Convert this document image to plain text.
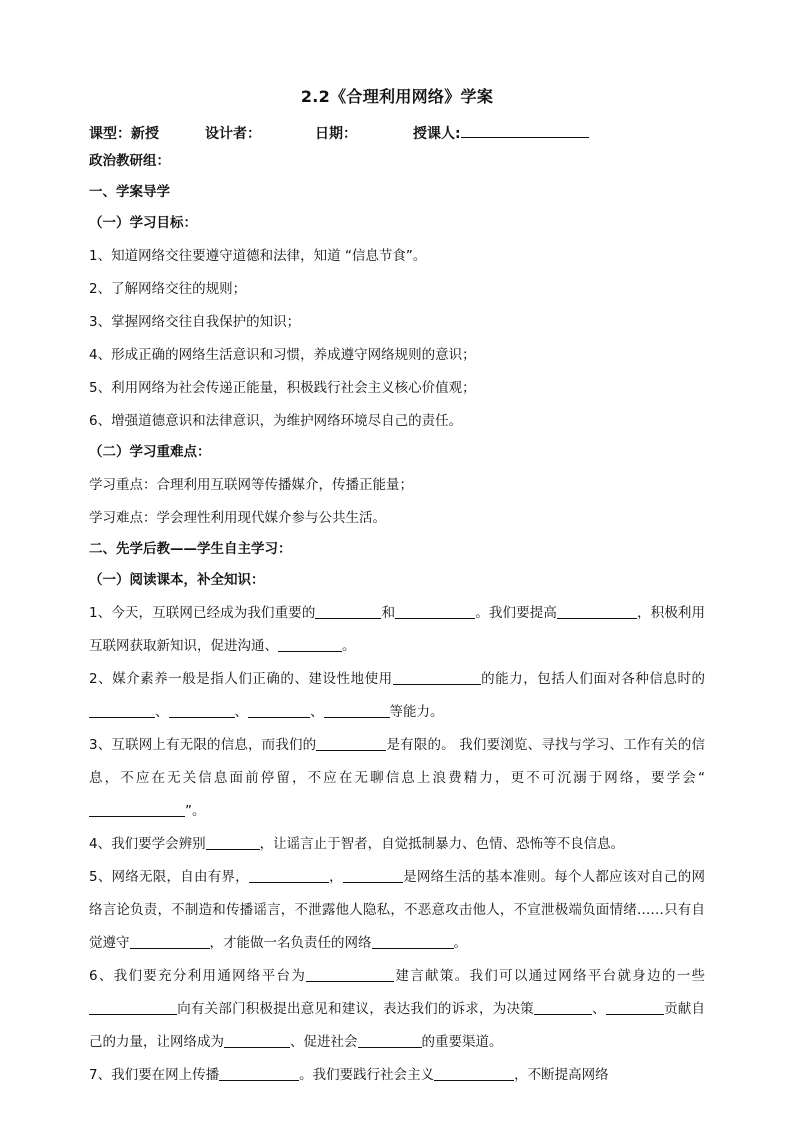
2.2《合理利用网络》学案
课型：新授	设计者：	日期：	授课人:

政治教研组：

一、学案导学

（一）学习目标：

1、知道网络交往要遵守道德和法律，知道 “信息节食”。

2、了解网络交往的规则；

3、掌握网络交往自我保护的知识；

4、形成正确的网络生活意识和习惯，养成遵守网络规则的意识；

5、利用网络为社会传递正能量，积极践行社会主义核心价值观；

6、增强道德意识和法律意识，为维护网络环境尽自己的责任。

（二）学习重难点：

学习重点：合理利用互联网等传播媒介，传播正能量；

学习难点：学会理性利用现代媒介参与公共生活。

二、先学后教——学生自主学习：

（一）阅读课本，补全知识：

1、今天，互联网已经成为我们重要的	和	。我们要提高	，积极利用互联网获取新知识，促进沟通、	。

2、媒介素养一般是指人们正确的、建设性地使用	的能力，包括人们面对各种信息时的、	、	、	等能力。

3、互联网上有无限的信息，而我们的	是有限的。 我们要浏览、寻找与学习、工作有关的信息，不应在无关信息面前停留，不应在无聊信息上浪费精力，更不可沉溺于网络，要学会“”。

4、我们要学会辨别	，让谣言止于智者，自觉抵制暴力、色情、恐怖等不良信息。

5、网络无限，自由有界，	，	是网络生活的基本准则。每个人都应该对自己的网络言论负责，不制造和传播谣言，不泄露他人隐私，不恶意攻击他人，不宣泄极端负面情绪……只有自觉遵守	，才能做一名负责任的网络	。

6、我们要充分利用通网络平台为	建言献策。我们可以通过网络平台就身边的一些向有关部门积极提出意见和建议，表达我们的诉求，为决策	、	贡献自己的力量，让网络成为	、促进社会	的重要渠道。

7、我们要在网上传播	。我们要践行社会主义	，不断提高网络
